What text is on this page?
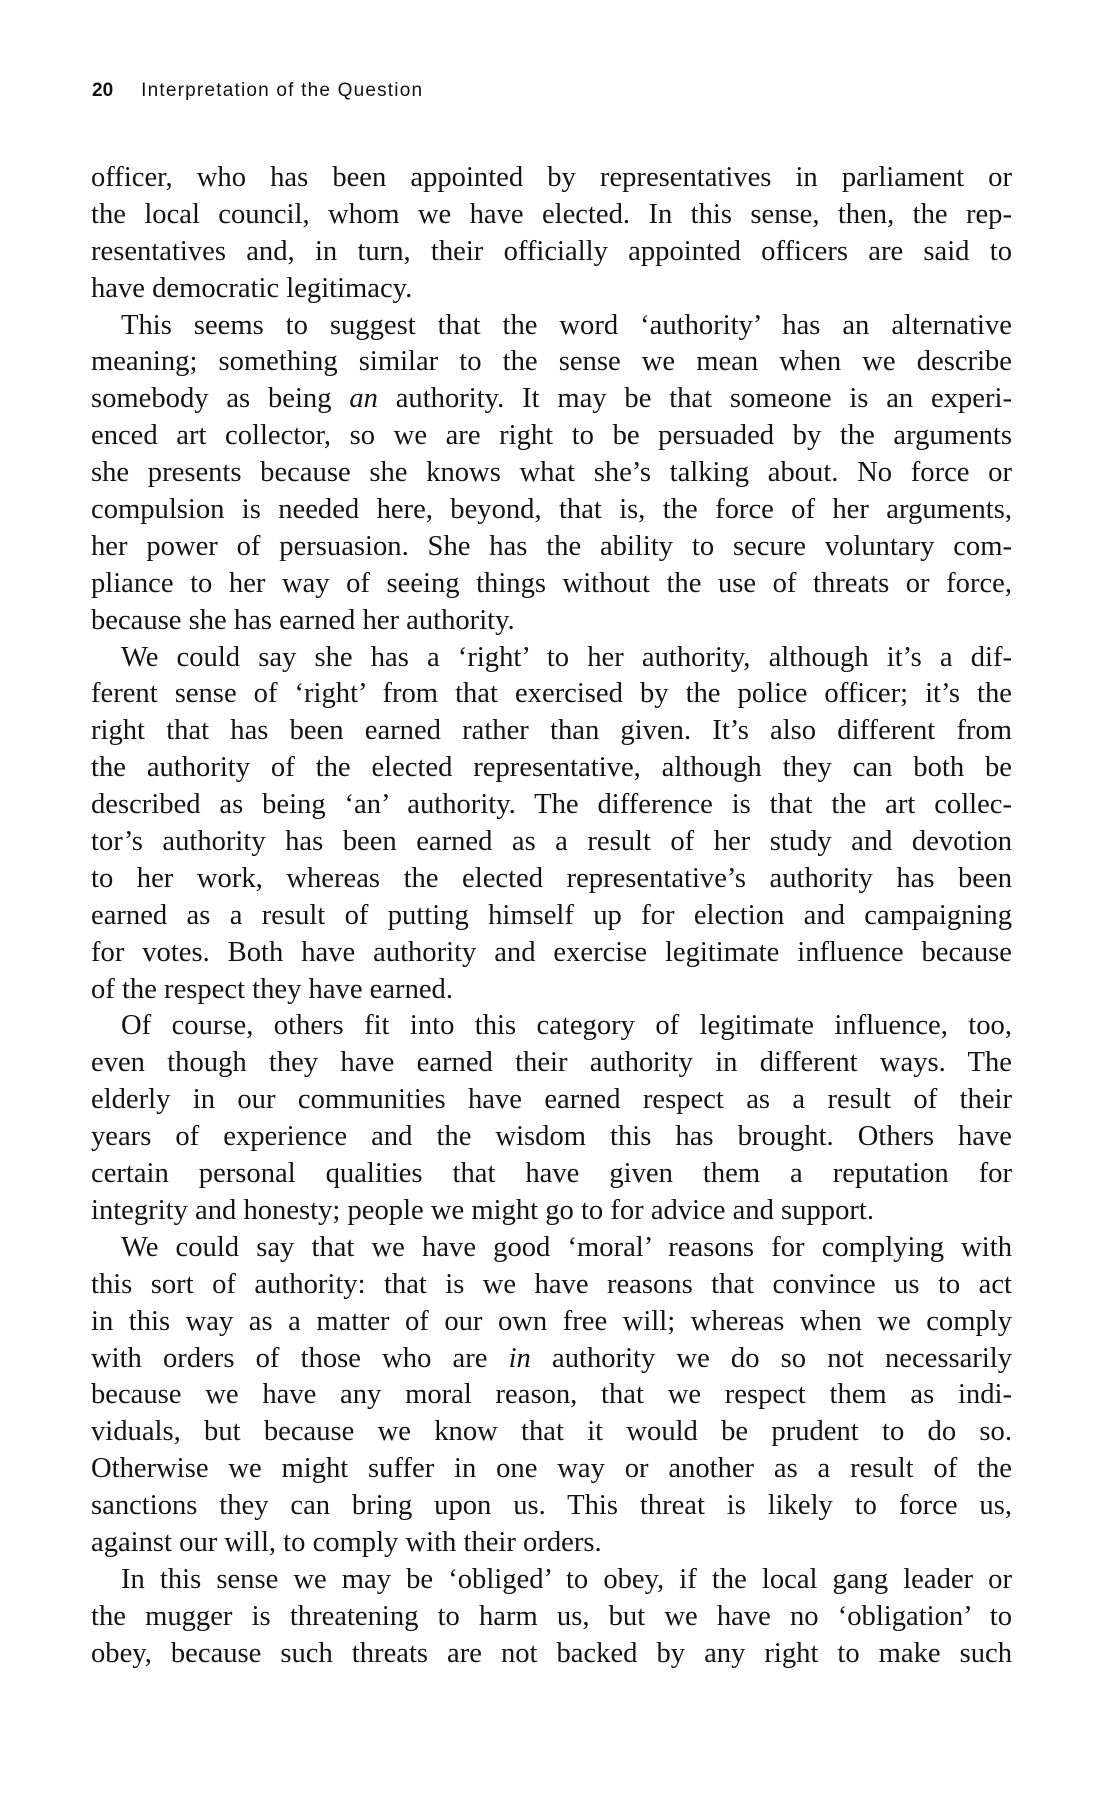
20 Interpretation of the Question
officer, who has been appointed by representatives in parliament or
the local council, whom we have elected. In this sense, then, the rep-
resentatives and, in turn, their officially appointed officers are said to
have democratic legitimacy.
This seems to suggest that the word ‘authority’ has an alternative
meaning; something similar to the sense we mean when we describe
somebody as being an authority. It may be that someone is an experi-
enced art collector, so we are right to be persuaded by the arguments
she presents because she knows what she’s talking about. No force or
compulsion is needed here, beyond, that is, the force of her arguments,
her power of persuasion. She has the ability to secure voluntary com-
pliance to her way of seeing things without the use of threats or force,
because she has earned her authority.
We could say she has a ‘right’ to her authority, although it’s a dif-
ferent sense of ‘right’ from that exercised by the police officer; it’s the
right that has been earned rather than given. It’s also different from
the authority of the elected representative, although they can both be
described as being ‘an’ authority. The difference is that the art collec-
tor’s authority has been earned as a result of her study and devotion
to her work, whereas the elected representative’s authority has been
earned as a result of putting himself up for election and campaigning
for votes. Both have authority and exercise legitimate influence because
of the respect they have earned.
Of course, others fit into this category of legitimate influence, too,
even though they have earned their authority in different ways. The
elderly in our communities have earned respect as a result of their
years of experience and the wisdom this has brought. Others have
certain personal qualities that have given them a reputation for
integrity and honesty; people we might go to for advice and support.
We could say that we have good ‘moral’ reasons for complying with
this sort of authority: that is we have reasons that convince us to act
in this way as a matter of our own free will; whereas when we comply
with orders of those who are in authority we do so not necessarily
because we have any moral reason, that we respect them as indi-
viduals, but because we know that it would be prudent to do so.
Otherwise we might suffer in one way or another as a result of the
sanctions they can bring upon us. This threat is likely to force us,
against our will, to comply with their orders.
In this sense we may be ‘obliged’ to obey, if the local gang leader or
the mugger is threatening to harm us, but we have no ‘obligation’ to
obey, because such threats are not backed by any right to make such
